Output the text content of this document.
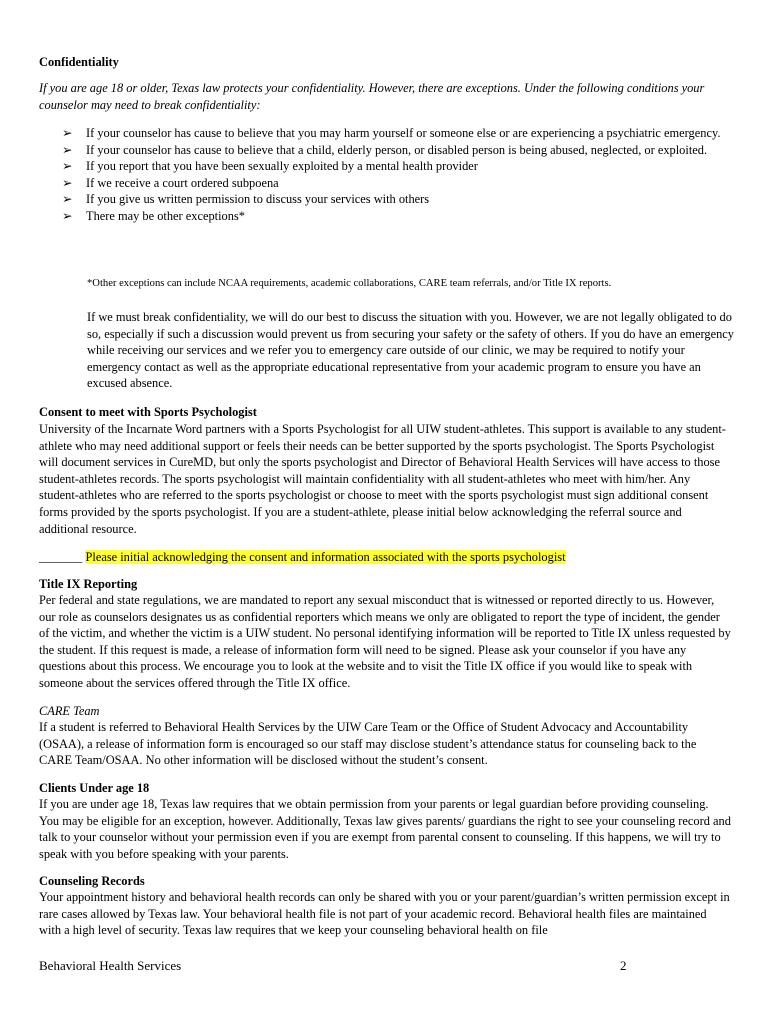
Confidentiality

If you are age 18 or older, Texas law protects your confidentiality. However, there are exceptions. Under the following conditions your counselor may need to break confidentiality:

➢ If your counselor has cause to believe that you may harm yourself or someone else or are experiencing a psychiatric emergency.
➢ If your counselor has cause to believe that a child, elderly person, or disabled person is being abused, neglected, or exploited.
➢ If you report that you have been sexually exploited by a mental health provider
➢ If we receive a court ordered subpoena
➢ If you give us written permission to discuss your services with others
➢ There may be other exceptions*
*Other exceptions can include NCAA requirements, academic collaborations, CARE team referrals, and/or Title IX reports.

If we must break confidentiality, we will do our best to discuss the situation with you. However, we are not legally obligated to do so, especially if such a discussion would prevent us from securing your safety or the safety of others. If you do have an emergency while receiving our services and we refer you to emergency care outside of our clinic, we may be required to notify your emergency contact as well as the appropriate educational representative from your academic program to ensure you have an excused absence.

Consent to meet with Sports Psychologist

University of the Incarnate Word partners with a Sports Psychologist for all UIW student-athletes. This support is available to any student-athlete who may need additional support or feels their needs can be better supported by the sports psychologist. The Sports Psychologist will document services in CureMD, but only the sports psychologist and Director of Behavioral Health Services will have access to those student-athletes records. The sports psychologist will maintain confidentiality with all student-athletes who meet with him/her. Any student-athletes who are referred to the sports psychologist or choose to meet with the sports psychologist must sign additional consent forms provided by the sports psychologist. If you are a student-athlete, please initial below acknowledging the referral source and additional resource.

_______ Please initial acknowledging the consent and information associated with the sports psychologist
Title IX Reporting

Per federal and state regulations, we are mandated to report any sexual misconduct that is witnessed or reported directly to us. However, our role as counselors designates us as confidential reporters which means we only are obligated to report the type of incident, the gender of the victim, and whether the victim is a UIW student. No personal identifying information will be reported to Title IX unless requested by the student. If this request is made, a release of information form will need to be signed. Please ask your counselor if you have any questions about this process. We encourage you to look at the website and to visit the Title IX office if you would like to speak with someone about the services offered through the Title IX office.

CARE Team

If a student is referred to Behavioral Health Services by the UIW Care Team or the Office of Student Advocacy and Accountability (OSAA), a release of information form is encouraged so our staff may disclose student’s attendance status for counseling back to the CARE Team/OSAA. No other information will be disclosed without the student’s consent.

Clients Under age 18

If you are under age 18, Texas law requires that we obtain permission from your parents or legal guardian before providing counseling. You may be eligible for an exception, however. Additionally, Texas law gives parents/ guardians the right to see your counseling record and talk to your counselor without your permission even if you are exempt from parental consent to counseling. If this happens, we will try to speak with you before speaking with your parents.

Counseling Records

Your appointment history and behavioral health records can only be shared with you or your parent/guardian’s written permission except in rare cases allowed by Texas law. Your behavioral health file is not part of your academic record. Behavioral health files are maintained with a high level of security. Texas law requires that we keep your counseling behavioral health on file

Behavioral Health Services	2
